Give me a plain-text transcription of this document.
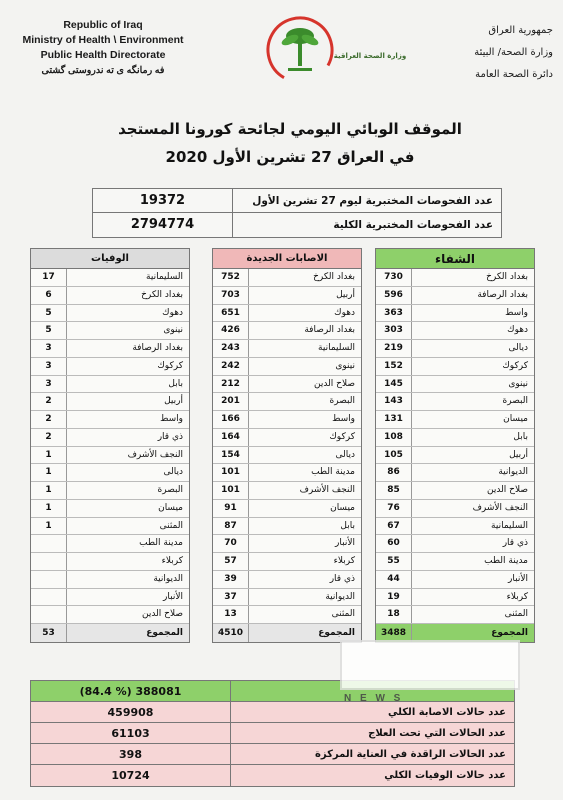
Republic of Iraq
Ministry of Health \ Environment
Public Health Directorate
فه رمانگه ى ته ندروستى گشتى
وزارة الصحة العراقية
جمهورية العراق
وزارة الصحة/ البيئة
دائرة الصحة العامة
الموقف الوبائي اليومي لجائحة كورونا المستجد
في العراق 27 تشرين الأول 2020
19372	عدد الفحوصات المختبرية ليوم 27 تشرين الأول
2794774	عدد الفحوصات المختبرية الكلية
الوفيات
17	السليمانية
6	بغداد الكرخ
5	دهوك
5	نينوى
3	بغداد الرصافة
3	كركوك
3	بابل
2	أربيل
2	واسط
2	ذي قار
1	النجف الأشرف
1	ديالى
1	البصرة
1	ميسان
1	المثنى
مدينة الطب
كربلاء
الديوانية
الأنبار
صلاح الدين
53	المجموع
الاصابات الجديدة
752	بغداد الكرخ
703	أربيل
651	دهوك
426	بغداد الرصافة
243	السليمانية
242	نينوى
212	صلاح الدين
201	البصرة
166	واسط
164	كركوك
154	ديالى
101	مدينة الطب
101	النجف الأشرف
91	ميسان
87	بابل
70	الأنبار
57	كربلاء
39	ذي قار
37	الديوانية
13	المثنى
4510	المجموع
الشفاء
730	بغداد الكرخ
596	بغداد الرصافة
363	واسط
303	دهوك
219	ديالى
152	كركوك
145	نينوى
143	البصرة
131	ميسان
108	بابل
105	أربيل
86	الديوانية
85	صلاح الدين
76	النجف الأشرف
67	السليمانية
60	ذي قار
55	مدينة الطب
44	الأنبار
19	كربلاء
18	المثنى
3488	المجموع
(84.4 %) 388081
459908	عدد حالات الاصابة الكلي
61103	عدد الحالات التي تحت العلاج
398	عدد الحالات الراقدة في العناية المركزة
10724	عدد حالات الوفيات الكلي
N E W S
